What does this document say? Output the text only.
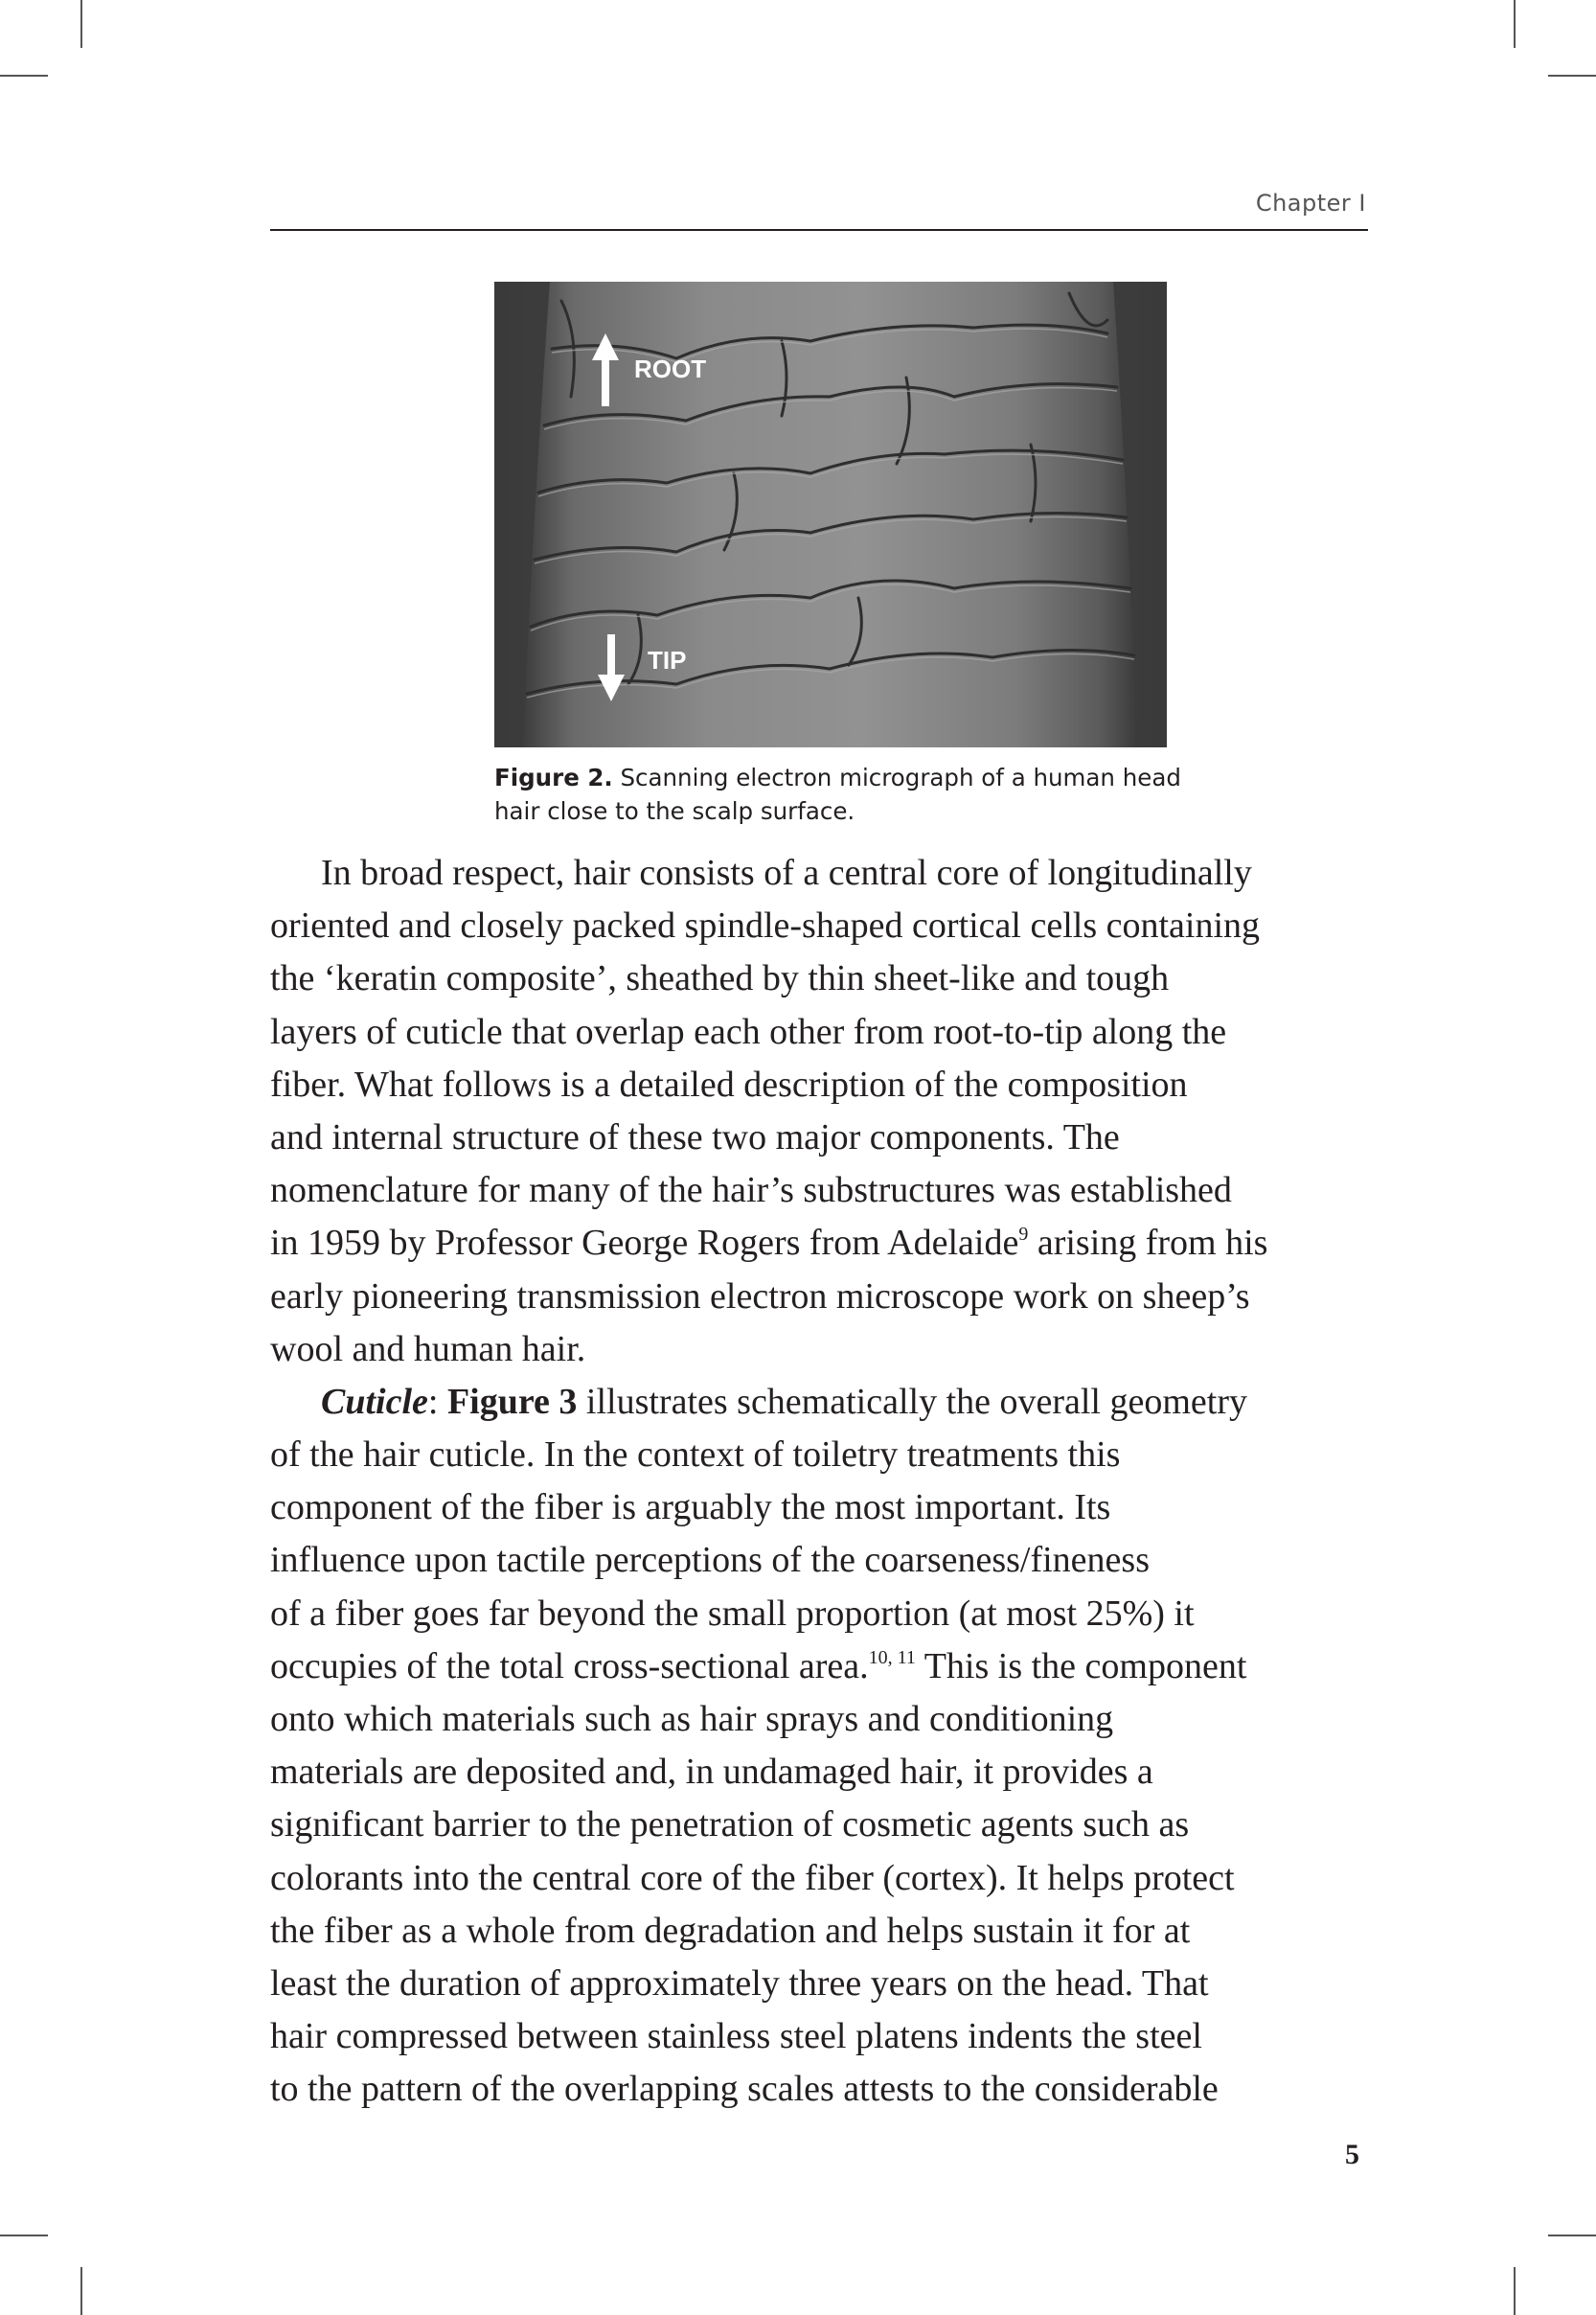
Chapter I
ROOT
TIP
Figure 2. Scanning electron micrograph of a human head
hair close to the scalp surface.
In broad respect, hair consists of a central core of longitudinally
oriented and closely packed spindle-shaped cortical cells containing
the ‘keratin composite’, sheathed by thin sheet-like and tough
layers of cuticle that overlap each other from root-to-tip along the
fiber. What follows is a detailed description of the composition
and internal structure of these two major components. The
nomenclature for many of the hair’s substructures was established
in 1959 by Professor George Rogers from Adelaide$^9$ arising from his
early pioneering transmission electron microscope work on sheep’s
wool and human hair.
Cuticle: Figure 3 illustrates schematically the overall geometry
of the hair cuticle. In the context of toiletry treatments this
component of the fiber is arguably the most important. Its
influence upon tactile perceptions of the coarseness/fineness
of a fiber goes far beyond the small proportion (at most 25%) it
occupies of the total cross-sectional area.$^{10, 11}$ This is the component
onto which materials such as hair sprays and conditioning
materials are deposited and, in undamaged hair, it provides a
significant barrier to the penetration of cosmetic agents such as
colorants into the central core of the fiber (cortex). It helps protect
the fiber as a whole from degradation and helps sustain it for at
least the duration of approximately three years on the head. That
hair compressed between stainless steel platens indents the steel
to the pattern of the overlapping scales attests to the considerable
5
